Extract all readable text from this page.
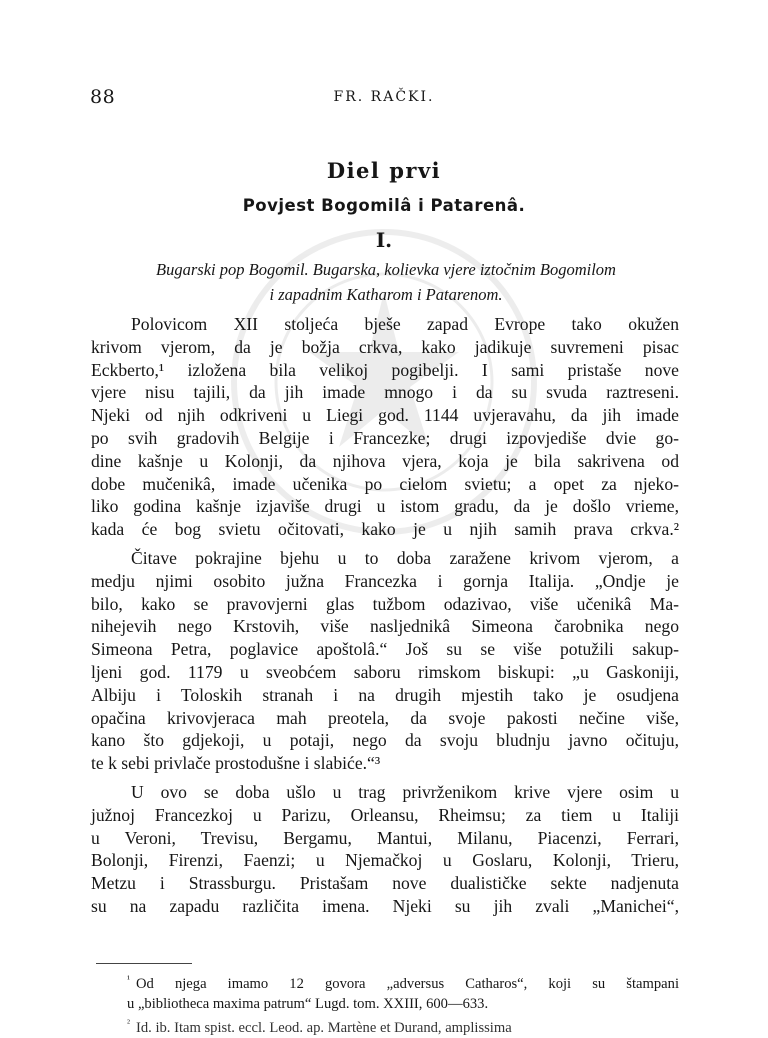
88	FR. RAČKI.
Diel prvi
Povjest Bogomilâ i Patarenâ.
I.
Bugarski pop Bogomil. Bugarska, kolievka vjere iztočnim Bogomilom
i zapadnim Katharom i Patarenom.
Polovicom XII stoljeća bješe zapad Evrope tako okužen
krivom vjerom, da je božja crkva, kako jadikuje suvremeni pisac
Eckberto,¹ izložena bila velikoj pogibelji. I sami pristaše nove
vjere nisu tajili, da jih imade mnogo i da su svuda raztreseni.
Njeki od njih odkriveni u Liegi god. 1144 uvjeravahu, da jih imade
po svih gradovih Belgije i Francezke; drugi izpovjediše dvie go-
dine kašnje u Kolonji, da njihova vjera, koja je bila sakrivena od
dobe mučenikâ, imade učenika po cielom svietu; a opet za njeko-
liko godina kašnje izjaviše drugi u istom gradu, da je došlo vrieme,
kada će bog svietu očitovati, kako je u njih samih prava crkva.²
Čitave pokrajine bjehu u to doba zaražene krivom vjerom, a
medju njimi osobito južna Francezka i gornja Italija. „Ondje je
bilo, kako se pravovjerni glas tužbom odazivao, više učenikâ Ma-
nihejevih nego Krstovih, više nasljednikâ Simeona čarobnika nego
Simeona Petra, poglavice apoštolâ.“ Još su se više potužili sakup-
ljeni god. 1179 u sveobćem saboru rimskom biskupi: „u Gaskoniji,
Albiju i Toloskih stranah i na drugih mjestih tako je osudjena
opačina krivovjeraca mah preotela, da svoje pakosti nečine više,
kano što gdjekoji, u potaji, nego da svoju bludnju javno očituju,
te k sebi privlače prostodušne i slabiće.“³
U ovo se doba ušlo u trag privrženikom krive vjere osim u
južnoj Francezkoj u Parizu, Orleansu, Rheimsu; za tiem u Italiji
u Veroni, Trevisu, Bergamu, Mantui, Milanu, Piacenzi, Ferrari,
Bolonji, Firenzi, Faenzi; u Njemačkoj u Goslaru, Kolonji, Trieru,
Metzu i Strassburgu. Pristašam nove dualističke sekte nadjenuta
su na zapadu različita imena. Njeki su jih zvali „Manichei“,
$^{^1}$ Od njega imamo 12 govora „adversus Catharos“, koji su štampani
u „bibliotheca maxima patrum“ Lugd. tom. XXIII, 600—633.
$^{^2}$ Id. ib. Itam spist. eccl. Leod. ap. Martène et Durand, amplissima
